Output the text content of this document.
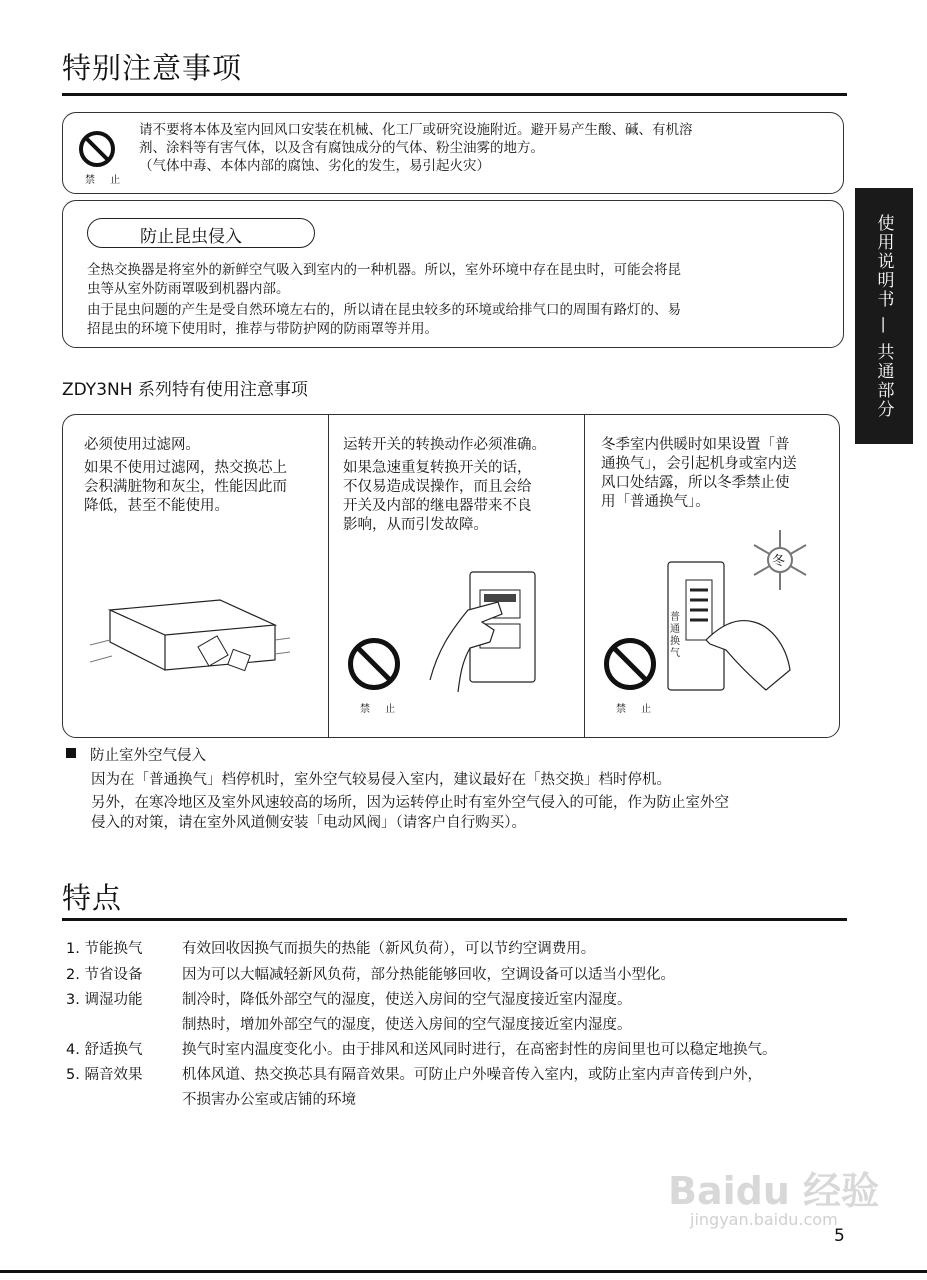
特别注意事项
使用说明书 — 共通部分
禁 止
请不要将本体及室内回风口安装在机械、化工厂或研究设施附近。避开易产生酸、碱、有机溶
剂、涂料等有害气体，以及含有腐蚀成分的气体、粉尘油雾的地方。
（气体中毒、本体内部的腐蚀、劣化的发生，易引起火灾）
防止昆虫侵入
全热交换器是将室外的新鲜空气吸入到室内的一种机器。所以，室外环境中存在昆虫时，可能会将昆
虫等从室外防雨罩吸到机器内部。
由于昆虫问题的产生是受自然环境左右的，所以请在昆虫较多的环境或给排气口的周围有路灯的、易
招昆虫的环境下使用时，推荐与带防护网的防雨罩等并用。
ZDY3NH 系列特有使用注意事项
必须使用过滤网。
如果不使用过滤网，热交换芯上
会积满脏物和灰尘，性能因此而
降低，甚至不能使用。
运转开关的转换动作必须准确。
如果急速重复转换开关的话，
不仅易造成误操作，而且会给
开关及内部的继电器带来不良
影响，从而引发故障。
禁 止
冬季室内供暖时如果设置「普
通换气」，会引起机身或室内送
风口处结露，所以冬季禁止使
用「普通换气」。
禁 止
普通换气
冬
防止室外空气侵入
因为在「普通换气」档停机时，室外空气较易侵入室内，建议最好在「热交换」档时停机。
另外，在寒冷地区及室外风速较高的场所，因为运转停止时有室外空气侵入的可能，作为防止室外空
侵入的对策，请在室外风道侧安装「电动风阀」（请客户自行购买）。
特点
1. 节能换气	有效回收因换气而损失的热能（新风负荷），可以节约空调费用。
2. 节省设备	因为可以大幅减轻新风负荷，部分热能能够回收，空调设备可以适当小型化。
3. 调湿功能	制冷时，降低外部空气的湿度，使送入房间的空气湿度接近室内湿度。
制热时，增加外部空气的湿度，使送入房间的空气湿度接近室内湿度。
4. 舒适换气	换气时室内温度变化小。由于排风和送风同时进行，在高密封性的房间里也可以稳定地换气。
5. 隔音效果	机体风道、热交换芯具有隔音效果。可防止户外噪音传入室内，或防止室内声音传到户外，
不损害办公室或店铺的环境
Baidu 经验
jingyan.baidu.com
5
